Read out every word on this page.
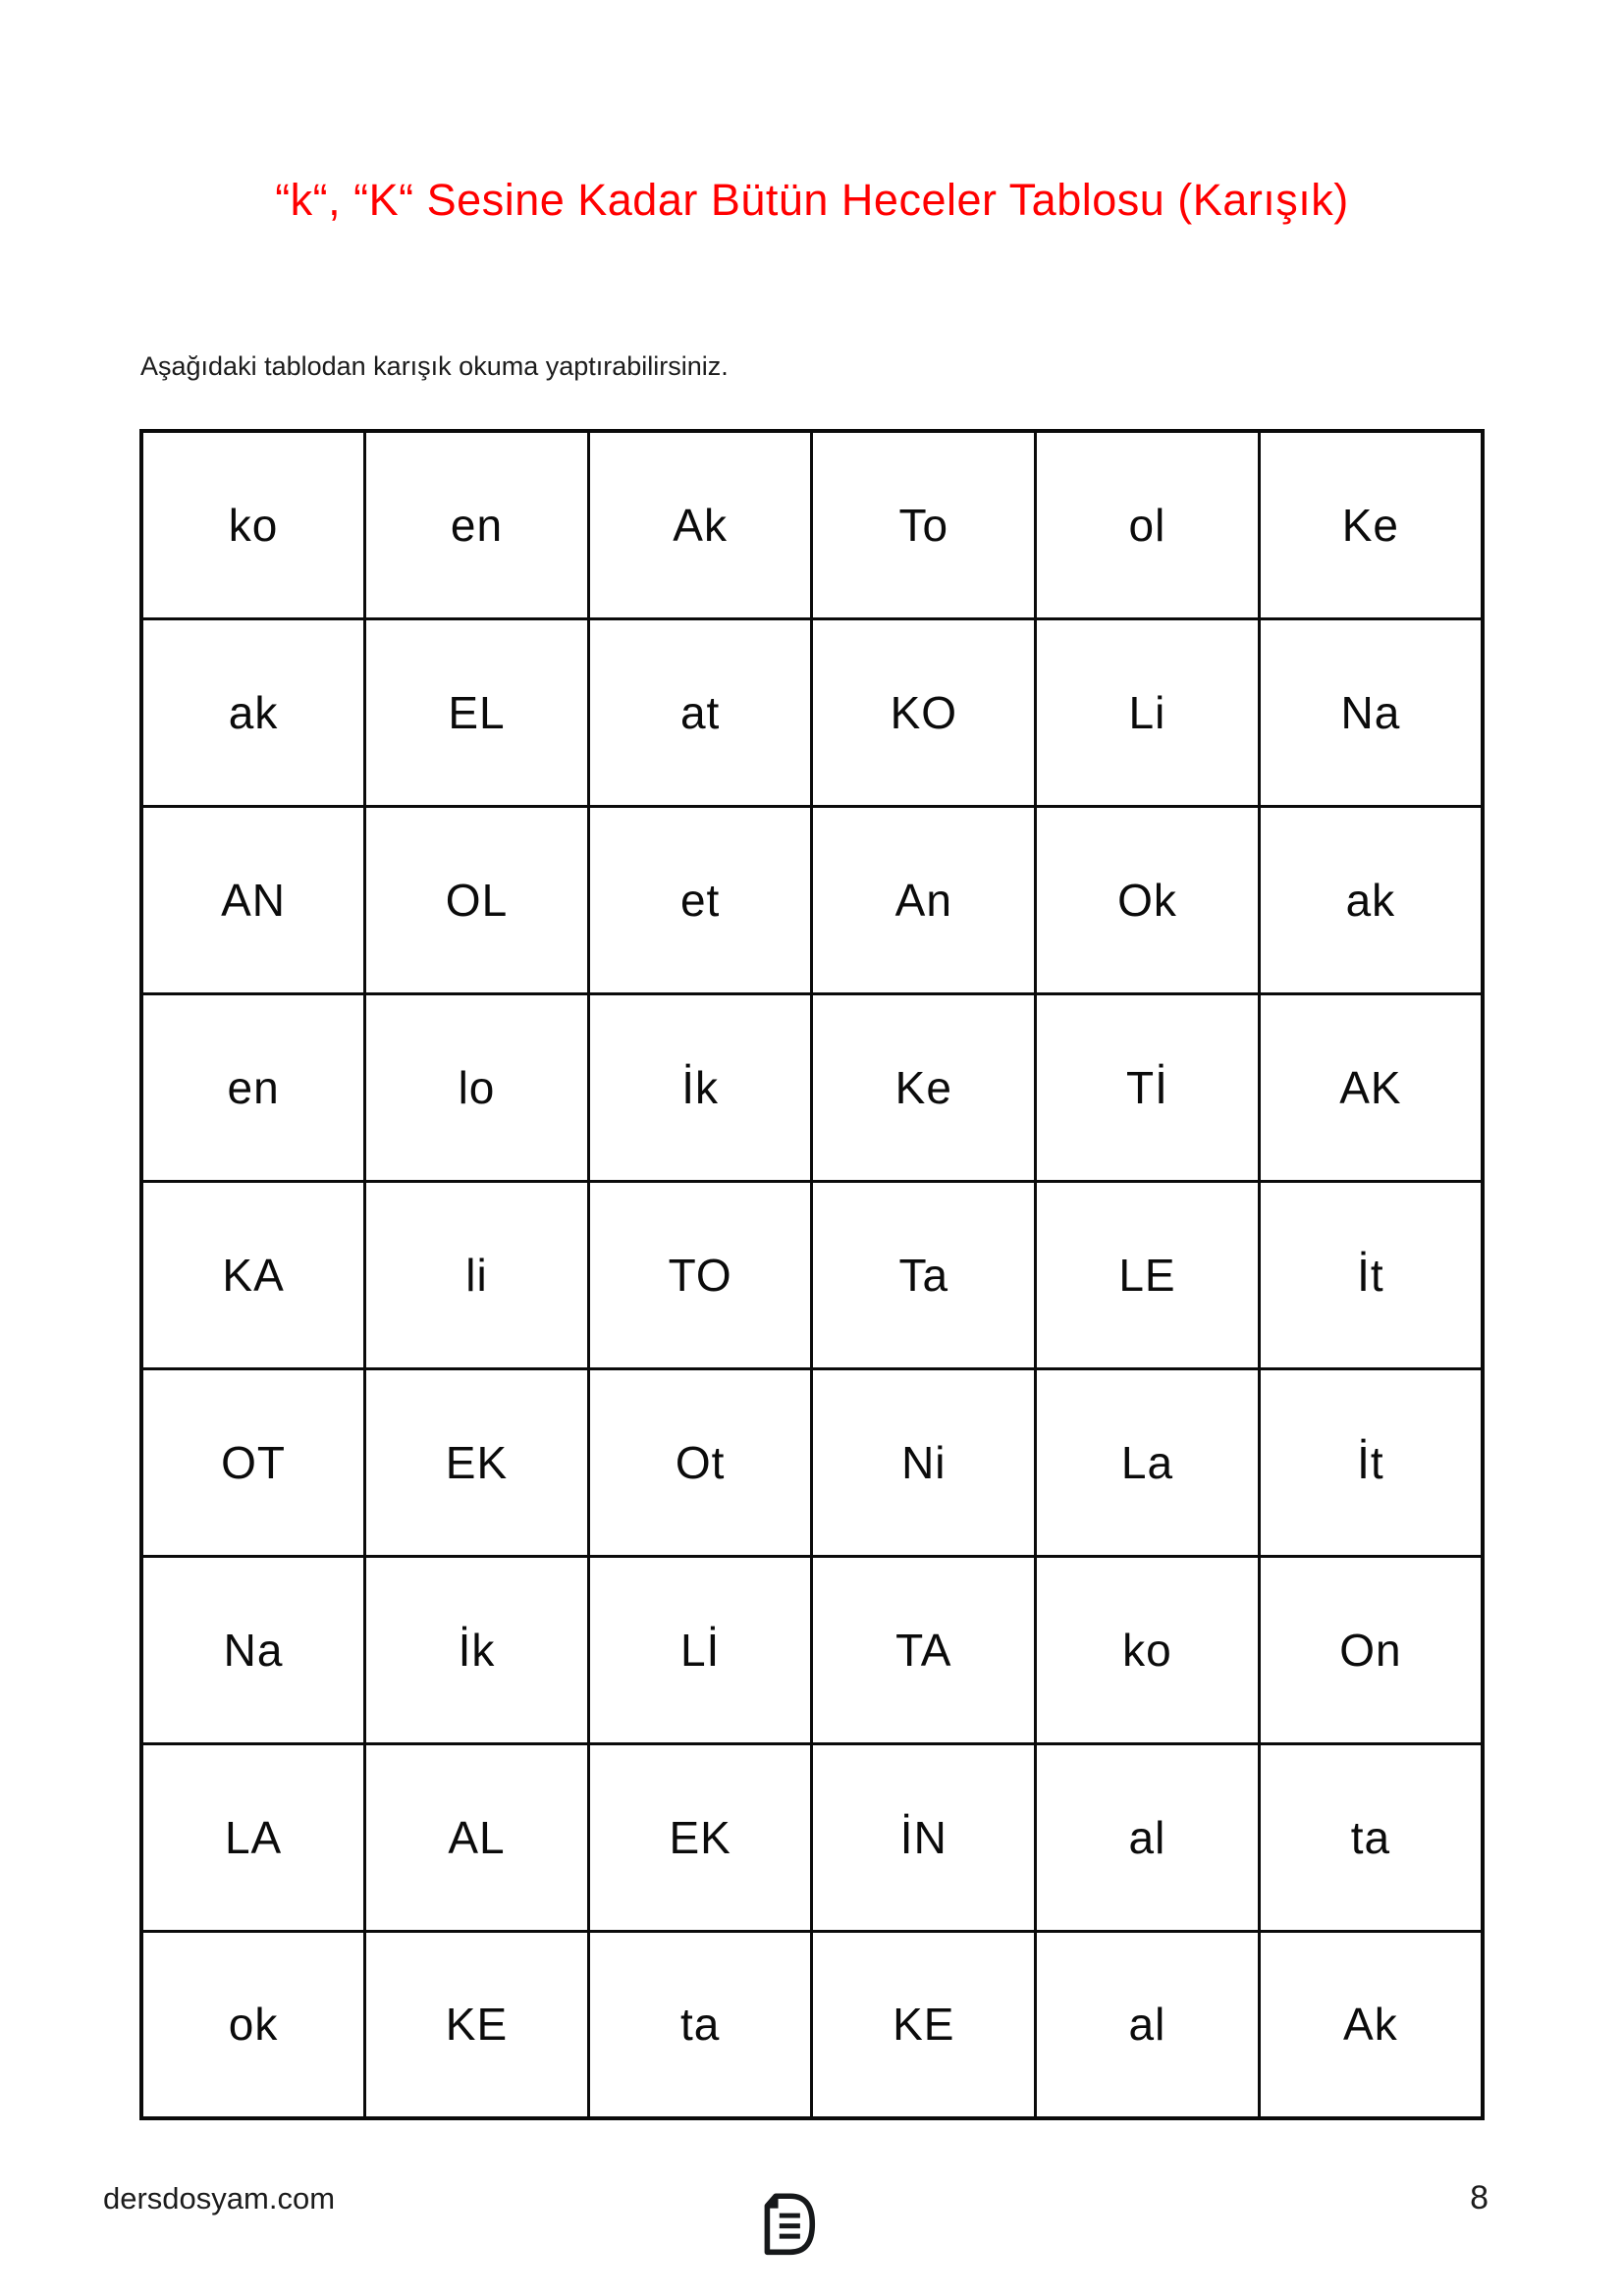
“k“, “K“ Sesine Kadar Bütün Heceler Tablosu (Karışık)

Aşağıdaki tablodan karışık okuma yaptırabilirsiniz.

ko	en	Ak	To	ol	Ke
ak	EL	at	KO	Li	Na
AN	OL	et	An	Ok	ak
en	lo	İk	Ke	Tİ	AK
KA	li	TO	Ta	LE	İt
OT	EK	Ot	Ni	La	İt
Na	İk	Lİ	TA	ko	On
LA	AL	EK	İN	al	ta
ok	KE	ta	KE	al	Ak
dersdosyam.com	8
